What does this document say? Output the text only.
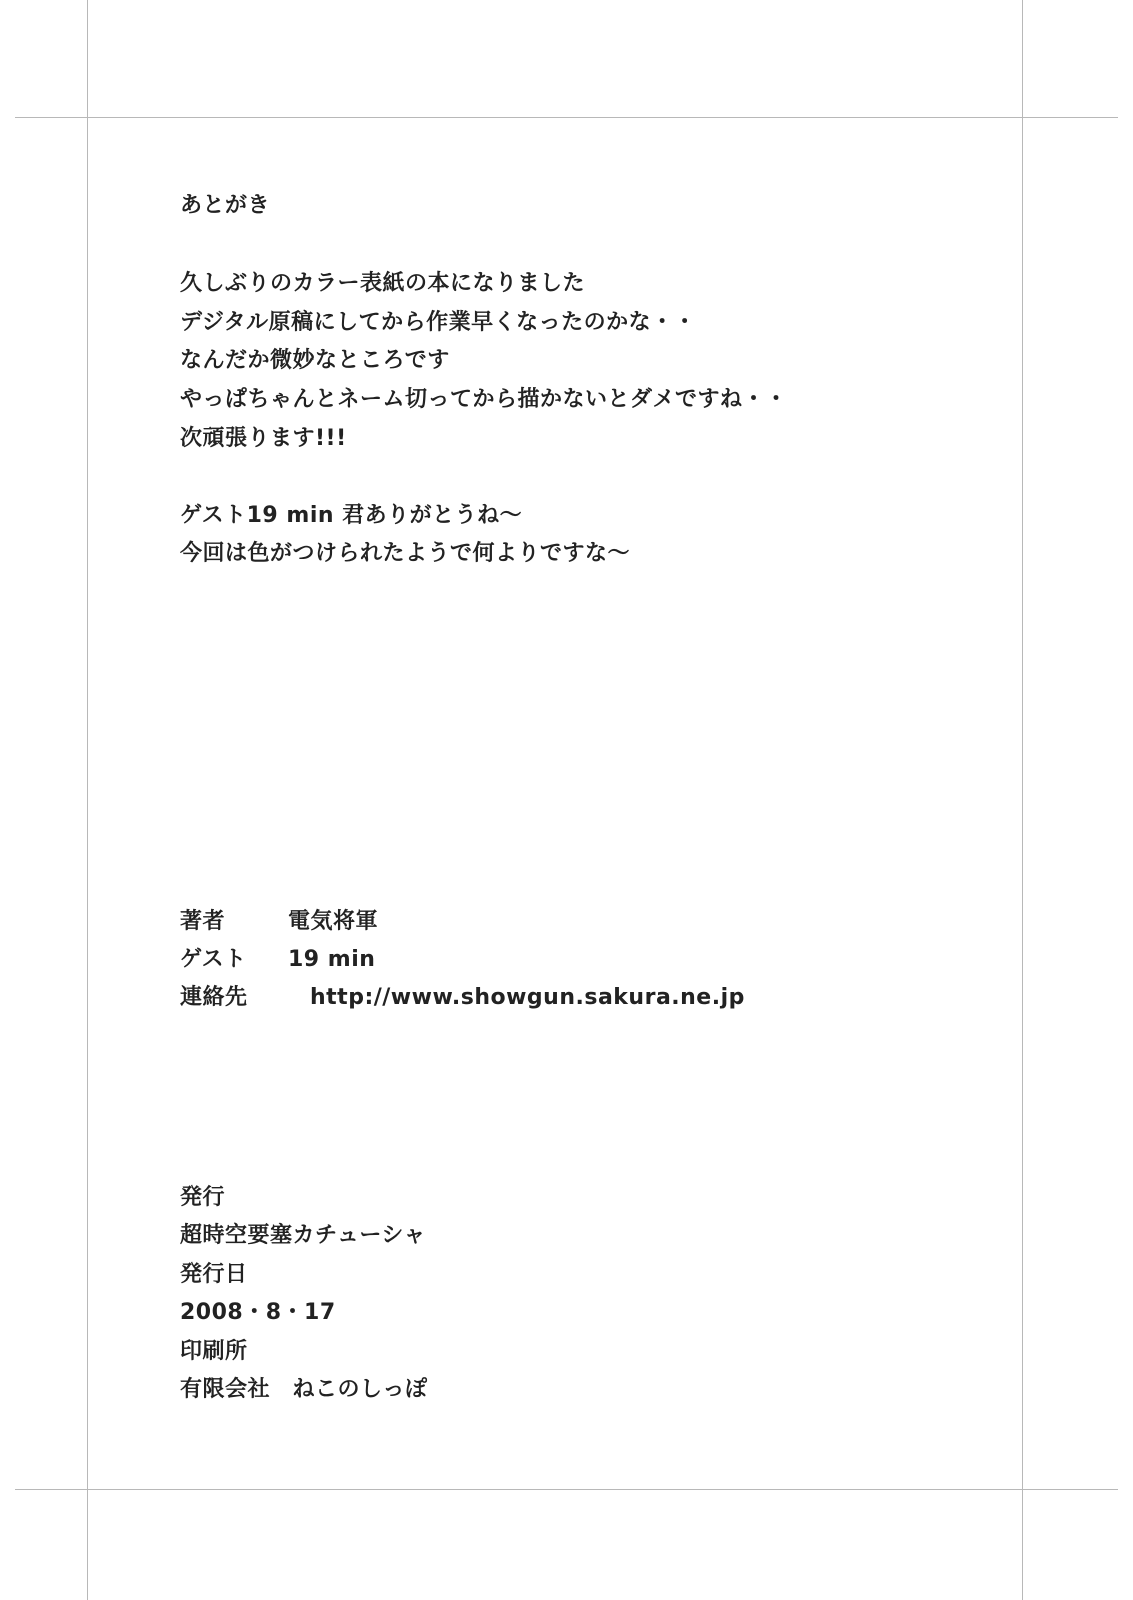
あとがき

久しぶりのカラー表紙の本になりました

デジタル原稿にしてから作業早くなったのかな・・

なんだか微妙なところです

やっぱちゃんとネーム切ってから描かないとダメですね・・

次頑張ります!!!

ゲスト19 min 君ありがとうね～

今回は色がつけられたようで何よりですな～

著者	電気将軍

ゲスト 19 min

連絡先	http://www.showgun.sakura.ne.jp

発行

超時空要塞カチューシャ

発行日

2008・8・17

印刷所

有限会社　ねこのしっぽ
